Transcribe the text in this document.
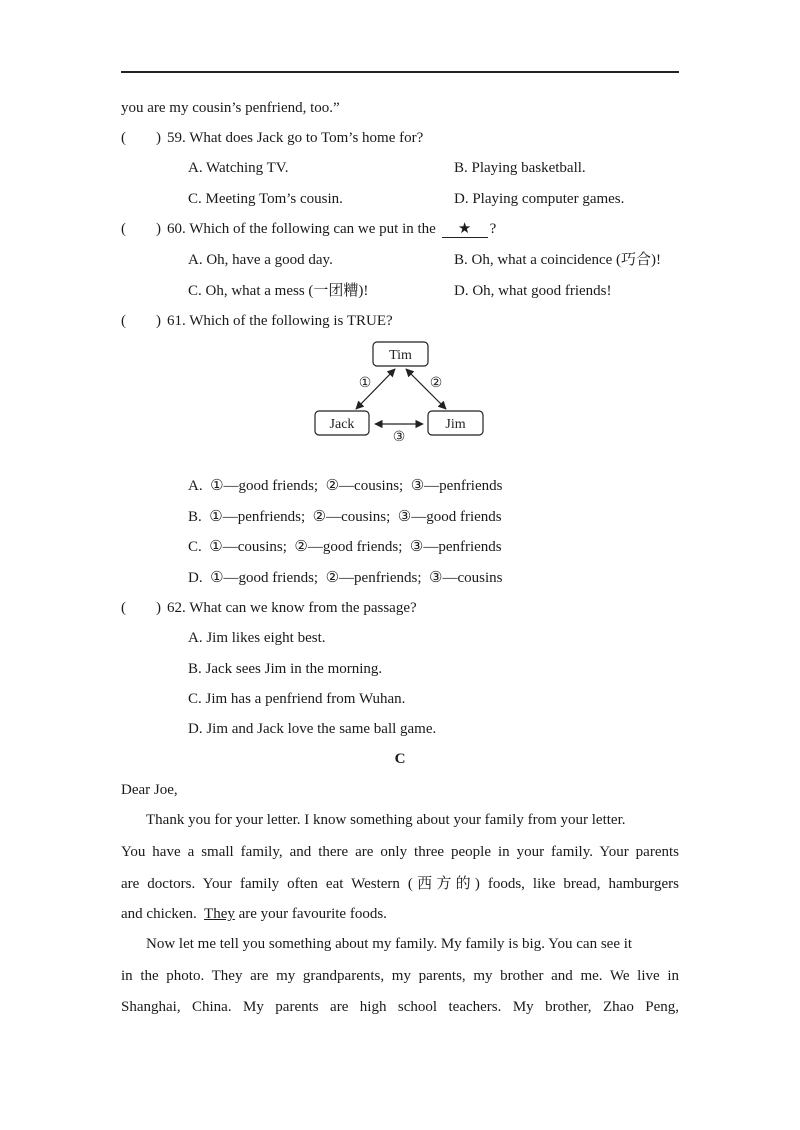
you are my cousin’s penfriend, too.”
(　　) 59. What does Jack go to Tom’s home for?
A. Watching TV.	B. Playing basketball.
C. Meeting Tom’s cousin.	D. Playing computer games.
(　　) 60. Which of the following can we put in the ★ ?
A. Oh, have a good day.	B. Oh, what a coincidence (巧合)!
C. Oh, what a mess (一团糟)!	D. Oh, what good friends!
(　　) 61. Which of the following is TRUE?
Tim
Jack	Jim
①	②
③
A.  ①—good friends;  ②—cousins;  ③—penfriends
B.  ①—penfriends;  ②—cousins;  ③—good friends
C.  ①—cousins;  ②—good friends;  ③—penfriends
D.  ①—good friends;  ②—penfriends;  ③—cousins
(　　) 62. What can we know from the passage?
A. Jim likes eight best.
B. Jack sees Jim in the morning.
C. Jim has a penfriend from Wuhan.
D. Jim and Jack love the same ball game.
C
Dear Joe,
Thank you for your letter. I know something about your family from your letter.
You have a small family, and there are only three people in your family. Your parents
are doctors. Your family often eat Western (西方的) foods, like bread, hamburgers
and chicken. They are your favourite foods.
Now let me tell you something about my family. My family is big. You can see it
in the photo. They are my grandparents, my parents, my brother and me. We live in
Shanghai, China. My parents are high school teachers. My brother, Zhao Peng,
